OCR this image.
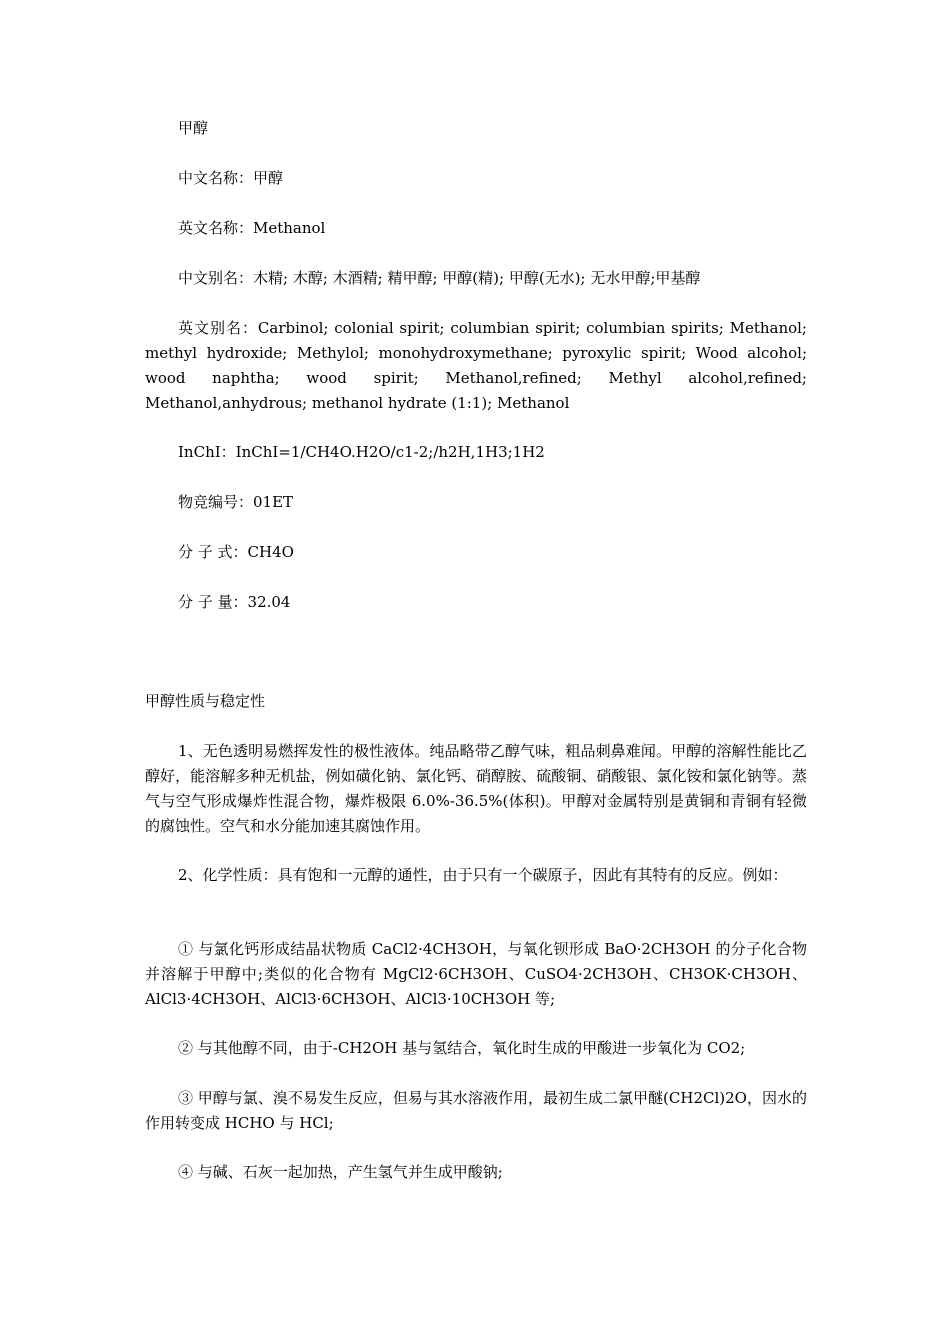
甲醇

中文名称：甲醇

英文名称：Methanol

中文别名：木精; 木醇; 木酒精; 精甲醇; 甲醇(精); 甲醇(无水); 无水甲醇;甲基醇

英文别名：Carbinol; colonial spirit; columbian spirit; columbian spirits; Methanol; methyl hydroxide; Methylol; monohydroxymethane; pyroxylic spirit; Wood alcohol; wood naphtha; wood spirit; Methanol,refined; Methyl alcohol,refined; Methanol,anhydrous; methanol hydrate (1:1); Methanol

InChI：InChI=1/CH4O.H2O/c1-2;/h2H,1H3;1H2

物竞编号：01ET

分 子 式：CH4O

分 子 量：32.04

甲醇性质与稳定性

1、无色透明易燃挥发性的极性液体。纯品略带乙醇气味，粗品刺鼻难闻。甲醇的溶解性能比乙醇好，能溶解多种无机盐，例如磺化钠、氯化钙、硝醇胺、硫酸铜、硝酸银、氯化铵和氯化钠等。蒸气与空气形成爆炸性混合物，爆炸极限 6.0%-36.5%(体积)。甲醇对金属特别是黄铜和青铜有轻微的腐蚀性。空气和水分能加速其腐蚀作用。

2、化学性质：具有饱和一元醇的通性，由于只有一个碳原子，因此有其特有的反应。例如：

① 与氯化钙形成结晶状物质 CaCl2·4CH3OH，与氧化钡形成 BaO·2CH3OH 的分子化合物并溶解于甲醇中;类似的化合物有 MgCl2·6CH3OH、CuSO4·2CH3OH、CH3OK·CH3OH、AlCl3·4CH3OH、AlCl3·6CH3OH、AlCl3·10CH3OH 等;

② 与其他醇不同，由于-CH2OH 基与氢结合，氧化时生成的甲酸进一步氧化为 CO2;

③ 甲醇与氯、溴不易发生反应，但易与其水溶液作用，最初生成二氯甲醚(CH2Cl)2O，因水的作用转变成 HCHO 与 HCl;

④ 与碱、石灰一起加热，产生氢气并生成甲酸钠;
